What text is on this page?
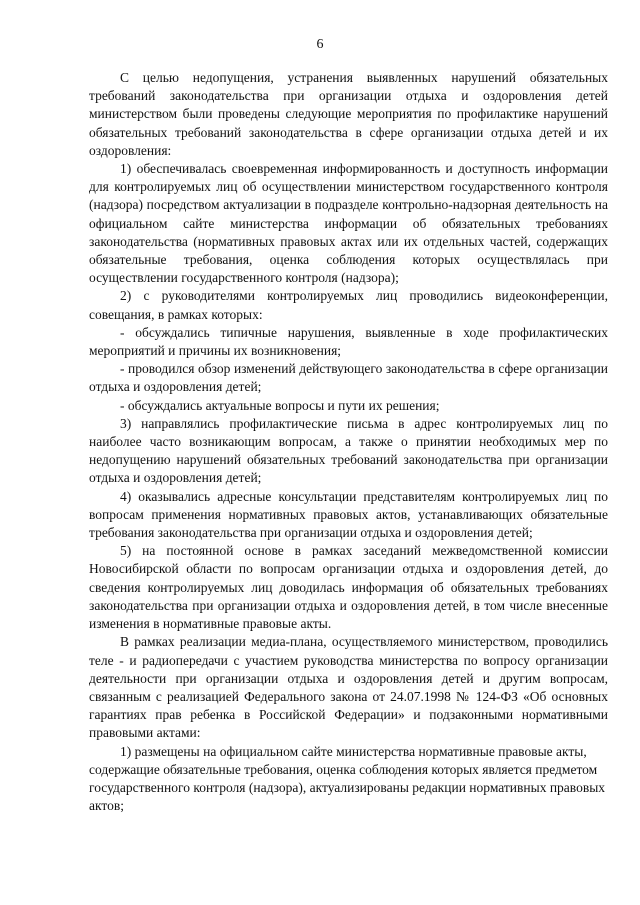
6

С целью недопущения, устранения выявленных нарушений обязательных требований законодательства при организации отдыха и оздоровления детей министерством были проведены следующие мероприятия по профилактике нарушений обязательных требований законодательства в сфере организации отдыха детей и их оздоровления:

1) обеспечивалась своевременная информированность и доступность информации для контролируемых лиц об осуществлении министерством государственного контроля (надзора) посредством актуализации в подразделе контрольно-надзорная деятельность на официальном сайте министерства информации об обязательных требованиях законодательства (нормативных правовых актах или их отдельных частей, содержащих обязательные требования, оценка соблюдения которых осуществлялась при осуществлении государственного контроля (надзора);

2) с руководителями контролируемых лиц проводились видеоконференции, совещания, в рамках которых:

- обсуждались типичные нарушения, выявленные в ходе профилактических мероприятий и причины их возникновения;

- проводился обзор изменений действующего законодательства в сфере организации отдыха и оздоровления детей;

- обсуждались актуальные вопросы и пути их решения;

3) направлялись профилактические письма в адрес контролируемых лиц по наиболее часто возникающим вопросам, а также о принятии необходимых мер по недопущению нарушений обязательных требований законодательства при организации отдыха и оздоровления детей;

4) оказывались адресные консультации представителям контролируемых лиц по вопросам применения нормативных правовых актов, устанавливающих обязательные требования законодательства при организации отдыха и оздоровления детей;

5) на постоянной основе в рамках заседаний межведомственной комиссии Новосибирской области по вопросам организации отдыха и оздоровления детей, до сведения контролируемых лиц доводилась информация об обязательных требованиях законодательства при организации отдыха и оздоровления детей, в том числе внесенные изменения в нормативные правовые акты.

В рамках реализации медиа-плана, осуществляемого министерством, проводились теле - и радиопередачи с участием руководства министерства по вопросу организации деятельности при организации отдыха и оздоровления детей и другим вопросам, связанным с реализацией Федерального закона от 24.07.1998 № 124-ФЗ «Об основных гарантиях прав ребенка в Российской Федерации» и подзаконными нормативными правовыми актами:

1) размещены на официальном сайте министерства нормативные правовые акты, содержащие обязательные требования, оценка соблюдения которых является предметом государственного контроля (надзора), актуализированы редакции нормативных правовых актов;
